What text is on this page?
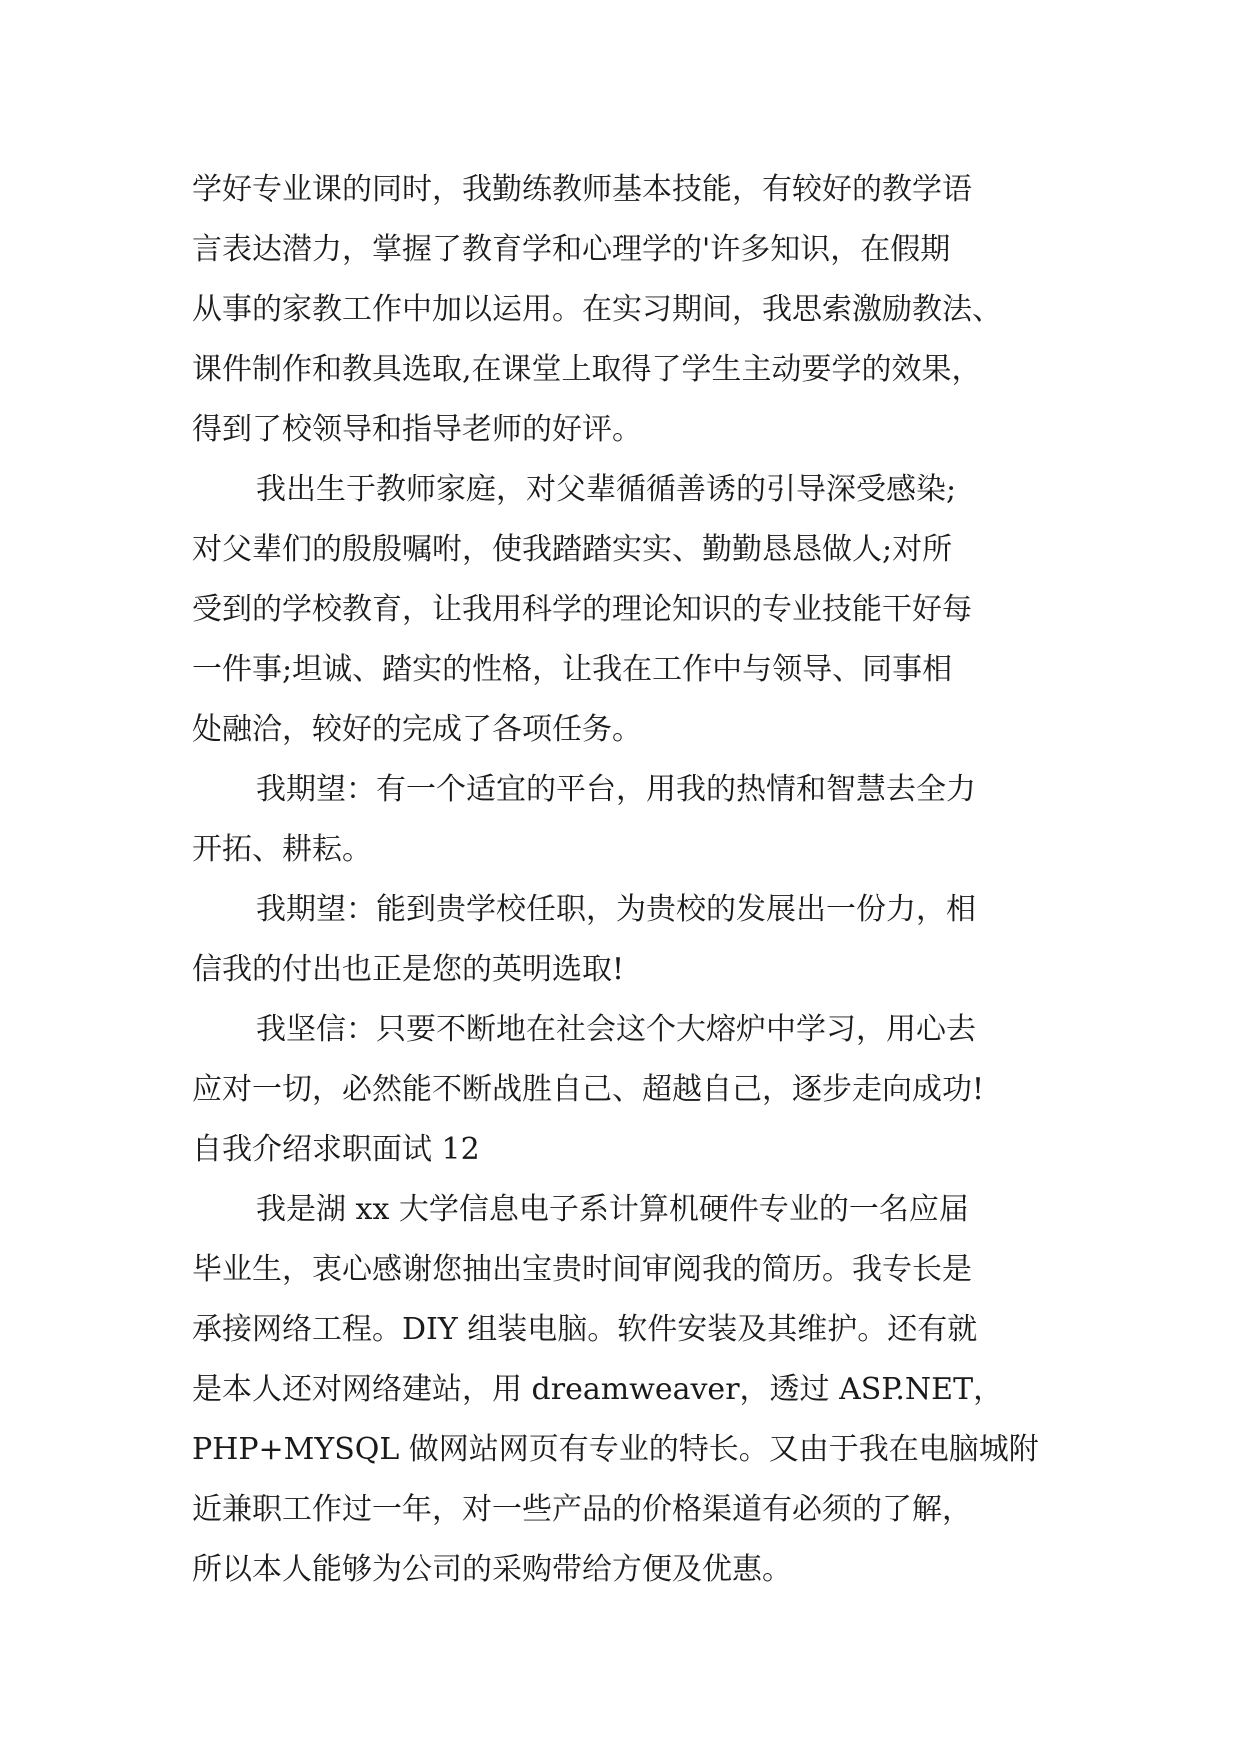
学好专业课的同时，我勤练教师基本技能，有较好的教学语
言表达潜力，掌握了教育学和心理学的'许多知识，在假期
从事的家教工作中加以运用。在实习期间，我思索激励教法、
课件制作和教具选取,在课堂上取得了学生主动要学的效果，
得到了校领导和指导老师的好评。
我出生于教师家庭，对父辈循循善诱的引导深受感染;
对父辈们的殷殷嘱咐，使我踏踏实实、勤勤恳恳做人;对所
受到的学校教育，让我用科学的理论知识的专业技能干好每
一件事;坦诚、踏实的性格，让我在工作中与领导、同事相
处融洽，较好的完成了各项任务。
我期望：有一个适宜的平台，用我的热情和智慧去全力
开拓、耕耘。
我期望：能到贵学校任职，为贵校的发展出一份力，相
信我的付出也正是您的英明选取!
我坚信：只要不断地在社会这个大熔炉中学习，用心去
应对一切，必然能不断战胜自己、超越自己，逐步走向成功!
自我介绍求职面试 12
我是湖 xx 大学信息电子系计算机硬件专业的一名应届
毕业生，衷心感谢您抽出宝贵时间审阅我的简历。我专长是
承接网络工程。DIY 组装电脑。软件安装及其维护。还有就
是本人还对网络建站，用 dreamweaver，透过 ASP.NET，
PHP+MYSQL 做网站网页有专业的特长。又由于我在电脑城附
近兼职工作过一年，对一些产品的价格渠道有必须的了解，
所以本人能够为公司的采购带给方便及优惠。
